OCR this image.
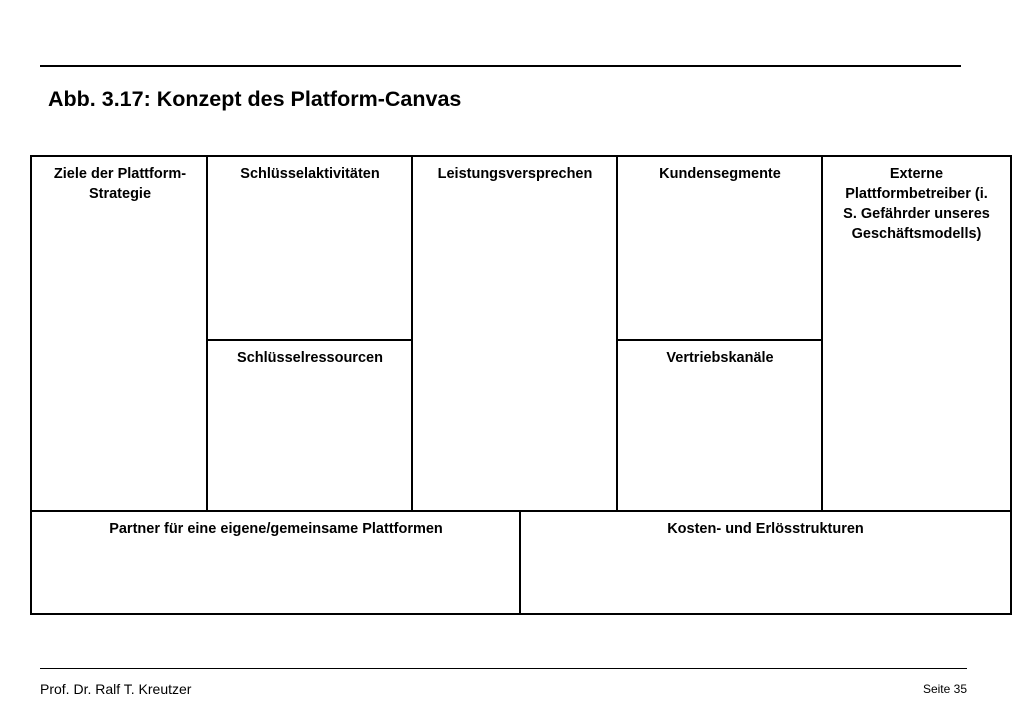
Abb. 3.17: Konzept des Platform-Canvas
Ziele der Plattform-Strategie
Schlüsselaktivitäten
Schlüsselressourcen
Leistungsversprechen	Kundensegmente
Vertriebskanäle
Externe Plattformbetreiber (i. S. Gefährder unseres Geschäftsmodells)
Partner für eine eigene/gemeinsame Plattformen	Kosten- und Erlösstrukturen
Prof. Dr. Ralf T. Kreutzer	Seite 35
